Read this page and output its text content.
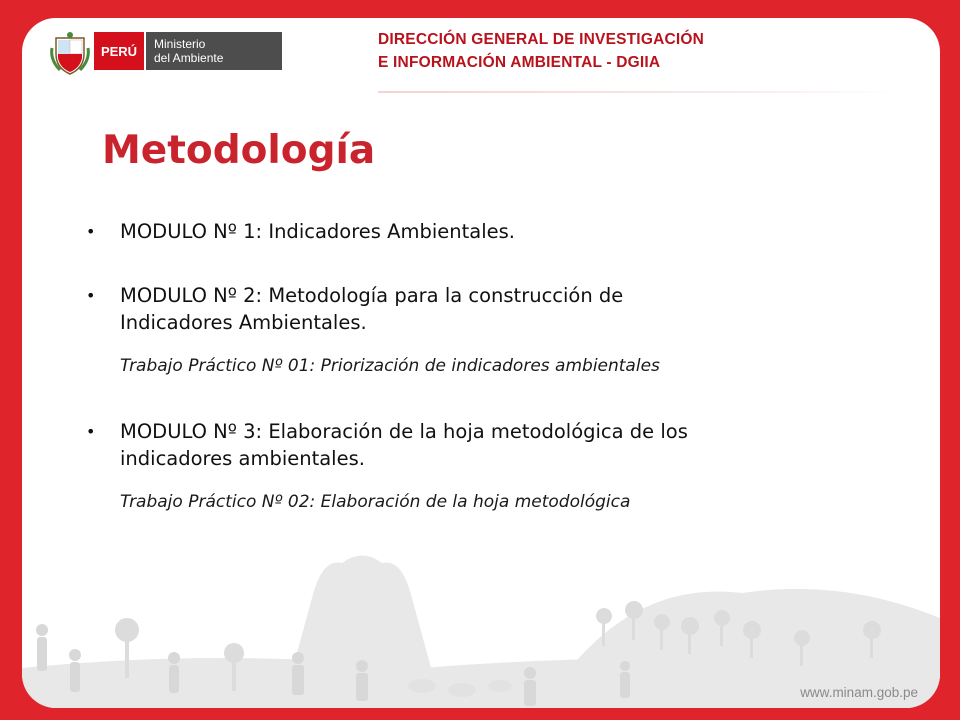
PERÚ	Ministerio
del Ambiente
DIRECCIÓN GENERAL DE INVESTIGACIÓN
E INFORMACIÓN AMBIENTAL - DGIIA
Metodología
• MODULO Nº 1: Indicadores Ambientales.
• MODULO Nº 2: Metodología para la construcción de
Indicadores Ambientales.
Trabajo Práctico Nº 01: Priorización de indicadores ambientales
• MODULO Nº 3: Elaboración de la hoja metodológica de los
indicadores ambientales.
Trabajo Práctico Nº 02: Elaboración de la hoja metodológica
www.minam.gob.pe
